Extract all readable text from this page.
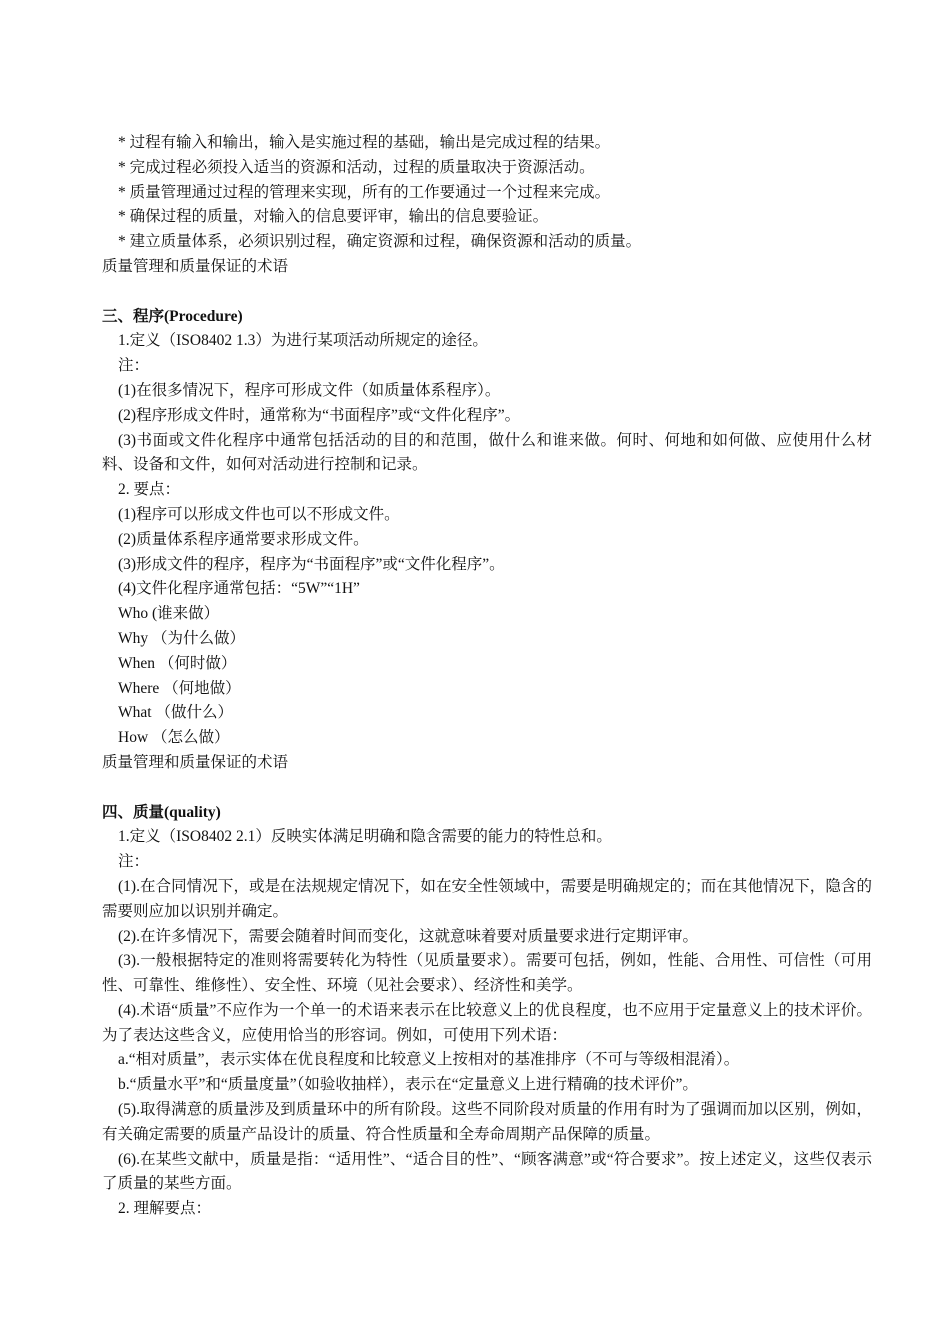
* 过程有输入和输出，输入是实施过程的基础，输出是完成过程的结果。
* 完成过程必须投入适当的资源和活动，过程的质量取决于资源活动。
* 质量管理通过过程的管理来实现，所有的工作要通过一个过程来完成。
* 确保过程的质量，对输入的信息要评审，输出的信息要验证。
* 建立质量体系，必须识别过程，确定资源和过程，确保资源和活动的质量。
质量管理和质量保证的术语
三、程序(Procedure)
1.定义（ISO8402 1.3）为进行某项活动所规定的途径。
注：
(1)在很多情况下，程序可形成文件（如质量体系程序）。
(2)程序形成文件时，通常称为“书面程序”或“文件化程序”。
(3)书面或文件化程序中通常包括活动的目的和范围，做什么和谁来做。何时、何地和如何做、应使用什么材料、设备和文件，如何对活动进行控制和记录。
2. 要点：
(1)程序可以形成文件也可以不形成文件。
(2)质量体系程序通常要求形成文件。
(3)形成文件的程序，程序为“书面程序”或“文件化程序”。
(4)文件化程序通常包括：“5W”“1H”
Who (谁来做）
Why （为什么做）
When （何时做）
Where （何地做）
What （做什么）
How （怎么做）
质量管理和质量保证的术语
四、质量(quality)
1.定义（ISO8402 2.1）反映实体满足明确和隐含需要的能力的特性总和。
注：
(1).在合同情况下，或是在法规规定情况下，如在安全性领域中，需要是明确规定的；而在其他情况下，隐含的需要则应加以识别并确定。
(2).在许多情况下，需要会随着时间而变化，这就意味着要对质量要求进行定期评审。
(3).一般根据特定的准则将需要转化为特性（见质量要求）。需要可包括，例如，性能、合用性、可信性（可用性、可靠性、维修性）、安全性、环境（见社会要求）、经济性和美学。
(4).术语“质量”不应作为一个单一的术语来表示在比较意义上的优良程度，也不应用于定量意义上的技术评价。为了表达这些含义，应使用恰当的形容词。例如，可使用下列术语：
a.“相对质量”，表示实体在优良程度和比较意义上按相对的基准排序（不可与等级相混淆）。
b.“质量水平”和“质量度量”（如验收抽样），表示在“定量意义上进行精确的技术评价”。
(5).取得满意的质量涉及到质量环中的所有阶段。这些不同阶段对质量的作用有时为了强调而加以区别，例如，有关确定需要的质量产品设计的质量、符合性质量和全寿命周期产品保障的质量。
(6).在某些文献中，质量是指：“适用性”、“适合目的性”、“顾客满意”或“符合要求”。按上述定义，这些仅表示了质量的某些方面。
2. 理解要点：
